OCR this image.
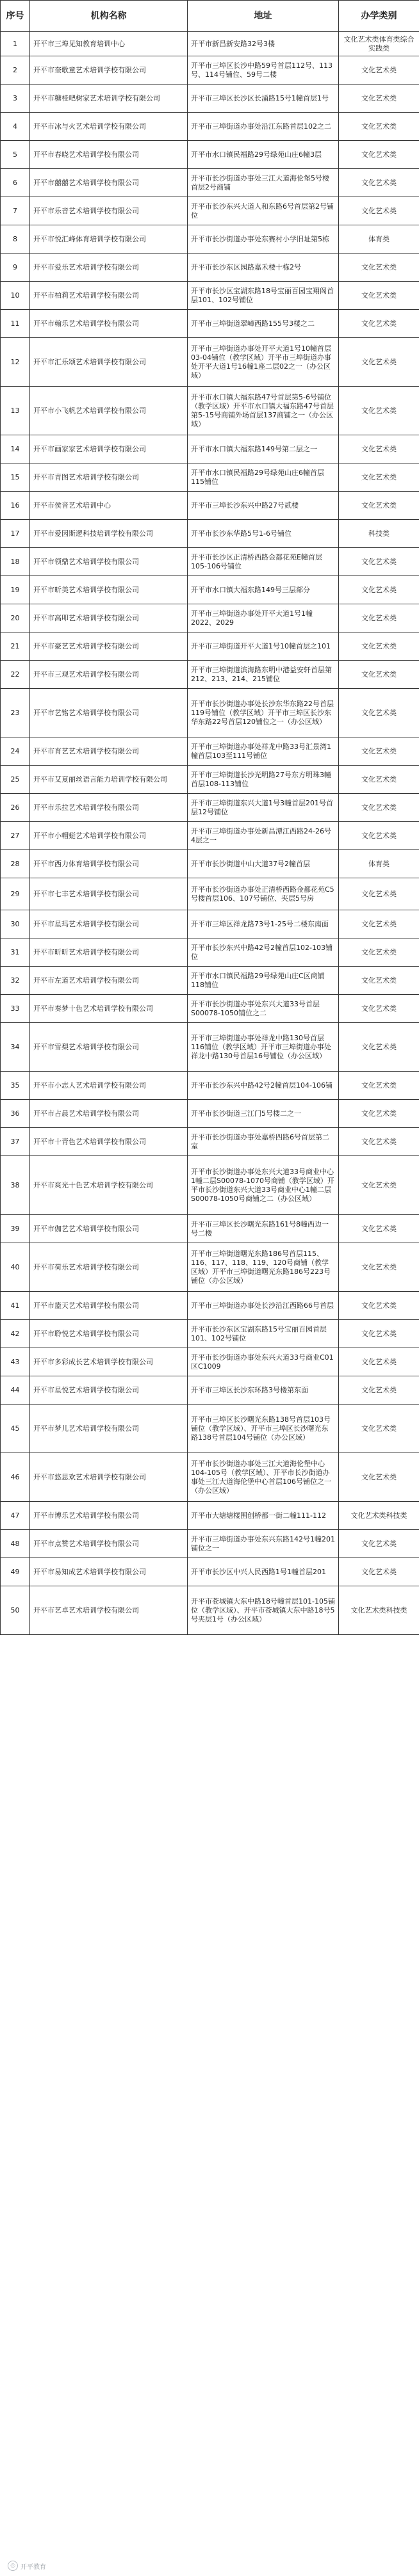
序号	机构名称	地址	办学类别
1	开平市三埠见知教育培训中心	开平市新昌新安路32号3楼	文化艺术类体育类综合实践类
2	开平市奎歌童艺术培训学校有限公司	开平市三埠区长沙中路59号首层112号、113号、114号铺位、59号二楼	文化艺术类
3	开平市糖桂吧树家艺术培训学校有限公司	开平市三埠区长沙区长涌路15号1幢首层1号	文化艺术类
4	开平市冰与火艺术培训学校有限公司	开平市三埠街道办事处沿江东路首层102之二	文化艺术类
5	开平市春晓艺术培训学校有限公司	开平市水口镇民福路29号绿苑山庄6幢3层	文化艺术类
6	开平市囍囍艺术培训学校有限公司	开平市长沙街道办事处三江大道海伦堡5号楼首层2号商铺	文化艺术类
7	开平市乐音艺术培训学校有限公司	开平市长沙东兴大道人和东路6号首层第2号铺位	文化艺术类
8	开平市悦汇峰体育培训学校有限公司	开平市长沙街道办事处东赛村小学旧址第5栋	体育类
9	开平市爱乐艺术培训学校有限公司	开平市长沙东区园路嘉禾楼十栋2号	文化艺术类
10	开平市柏莉艺术培训学校有限公司	开平市长沙区宝湖东路18号宝丽百园宝翔阁首层101、102号铺位	文化艺术类
11	开平市翰乐艺术培训学校有限公司	开平市三埠街道翠嶂西路155号3楼之二	文化艺术类
12	开平市汇乐颂艺术培训学校有限公司	开平市三埠街道办事处开平大道1号10幢首层03-04铺位（教学区域）开平市三埠街道办事处开平大道1号16幢1座二层02之一（办公区域）	文化艺术类
13	开平市小飞帆艺术培训学校有限公司	开平市水口镇大福东路47号首层第5-6号铺位（教学区域）开平市水口镇大福东路47号首层第5-15号商铺外场首层137商铺之一（办公区域）	文化艺术类
14	开平市画家家艺术培训学校有限公司	开平市水口镇大福东路149号第二层之一	文化艺术类
15	开平市青图艺术培训学校有限公司	开平市水口镇民福路29号绿苑山庄6幢首层115铺位	文化艺术类
16	开平市侯音艺术培训中心	开平市三埠长沙东兴中路27号贰楼	文化艺术类
17	开平市爱因斯逻科技培训学校有限公司	开平市长沙东华路5号1-6号铺位	科技类
18	开平市领鼎艺术培训学校有限公司	开平市长沙区正清桥西路金都花苑E幢首层105-106号铺位	文化艺术类
19	开平市昕美艺术培训学校有限公司	开平市水口镇大福东路149号三层部分	文化艺术类
20	开平市高叩艺术培训学校有限公司	开平市三埠街道办事处开平大道1号1幢2022、2029	文化艺术类
21	开平市豪艺艺术培训学校有限公司	开平市三埠街道开平大道1号10幢首层之101	文化艺术类
22	开平市三观艺术培训学校有限公司	开平市三埠街道滨海路东明中港益安轩首层第212、213、214、215铺位	文化艺术类
23	开平市艺铭艺术培训学校有限公司	开平市长沙街道办事处长沙东华东路22号首层119号铺位（教学区域）开平市三埠区长沙东华东路22号首层120铺位之一（办公区域）	文化艺术类
24	开平市育艺艺术培训学校有限公司	开平市三埠街道办事处祥龙中路33号汇景湾1幢首层103至111号铺位	文化艺术类
25	开平市艾夏丽丝语言能力培训学校有限公司	开平市三埠街道长沙光明路27号东方明珠3幢首层108-113铺位	文化艺术类
26	开平市乐拉艺术培训学校有限公司	开平市三埠街道东兴大道1号3幢首层201号首层12号铺位	文化艺术类
27	开平市小帽蜓艺术培训学校有限公司	开平市三埠街道办事处新昌潭江西路24-26号4层之一	文化艺术类
28	开平市西力体育培训学校有限公司	开平市长沙街道中山大道37号2幢首层	体育类
29	开平市七丰艺术培训学校有限公司	开平市长沙街道办事处正清桥西路金都花苑C5号楼首层106、107号铺位、夹层5号房	文化艺术类
30	开平市星玛艺术培训学校有限公司	开平市三埠区祥龙路73号1-25号二楼东南面	文化艺术类
31	开平市昕昕艺术培训学校有限公司	开平市长沙东兴中路42号2幢首层102-103铺位	文化艺术类
32	开平市左道艺术培训学校有限公司	开平市水口镇民福路29号绿苑山庄C区商铺118铺位	文化艺术类
33	开平市奏梦十色艺术培训学校有限公司	开平市长沙街道办事处东兴大道33号首层S00078-1050铺位之二	文化艺术类
34	开平市雪梨艺术培训学校有限公司	开平市三埠街道办事处祥龙中路130号首层116铺位（教学区域）开平市三埠街道办事处祥龙中路130号首层16号铺位（办公区域）	文化艺术类
35	开平市小志人艺术培训学校有限公司	开平市长沙东兴中路42号2幢首层104-106铺	文化艺术类
36	开平市占晨艺术培训学校有限公司	开平市长沙街道三江门5号楼二之一	文化艺术类
37	开平市十青色艺术培训学校有限公司	开平市长沙街道办事处嘉桥四路6号首层第二室	文化艺术类
38	开平市爽光十色艺术培训学校有限公司	开平市长沙街道办事处东兴大道33号商业中心1幢二层S00078-1070号商铺（教学区域）开平市长沙街道东兴大道33号商业中心1幢二层S00078-1050号商铺之二（办公区域）	文化艺术类
39	开平市伽艺艺术培训学校有限公司	开平市三埠区长沙曙光东路161号8幢西边一号二楼	文化艺术类
40	开平市荷乐艺术培训学校有限公司	开平市三埠街道曙光东路186号首层115、116、117、118、119、120号商铺（教学区域）开平市三埠街道曙光东路186号223号铺位（办公区域）	文化艺术类
41	开平市篮天艺术培训学校有限公司	开平市三埠街道办事处长沙沿江西路66号首层	文化艺术类
42	开平市聆悦艺术培训学校有限公司	开平市长沙东区宝湖东路15号宝丽百园首层101、102号铺位	文化艺术类
43	开平市多彩成长艺术培训学校有限公司	开平市长沙街道办事处东兴大道33号商业C01区C1009	文化艺术类
44	开平市星悦艺术培训学校有限公司	开平市三埠区长沙东环路3号楼第东面	文化艺术类
45	开平市梦儿艺术培训学校有限公司	开平市三埠区长沙曙光东路138号首层103号铺位（教学区域）、开平市三埠区长沙曙光东路138号首层104号铺位（办公区域）	文化艺术类
46	开平市悠思欢艺术培训学校有限公司	开平市长沙街道办事处三江大道海伦堡中心104-105号（教学区域）、开平市长沙街道办事处三江大道海伦堡中心首层106号铺位之一（办公区域）	文化艺术类
47	开平市博乐艺术培训学校有限公司	开平市大塘塘楼围创桥都一街二幢111-112	文化艺术类科技类
48	开平市点赞艺术培训学校有限公司	开平市三埠街道办事处东兴东路142号1幢201铺位之一	文化艺术类
49	开平市易知成艺术培训学校有限公司	开平市长沙区中兴人民西路1号1幢首层201	文化艺术类
50	开平市艺卓艺术培训学校有限公司	开平市苍城镇大东中路18号幢首层101-105铺位（教学区域）、开平市苍城镇大东中路18号5号夹层1号（办公区域）	文化艺术类科技类
◎ 开平教育
